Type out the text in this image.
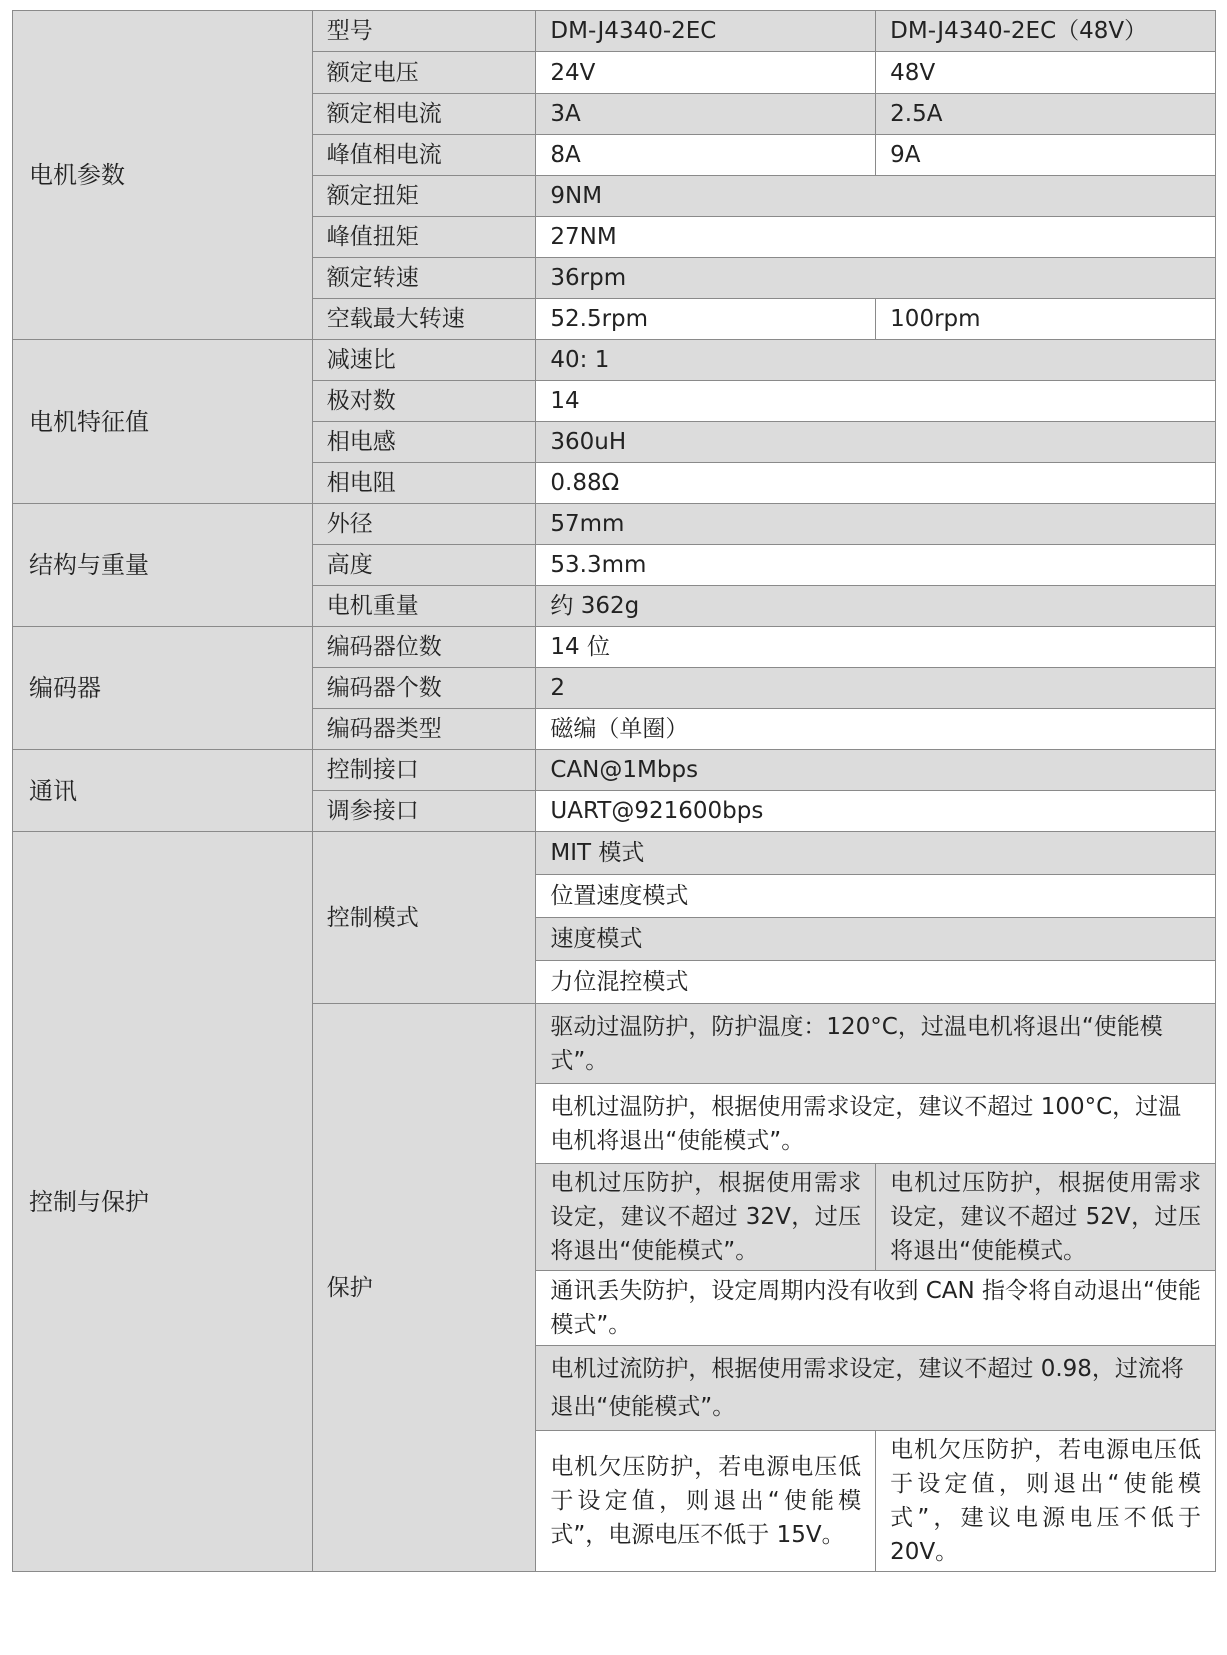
电机参数	型号	DM-J4340-2EC	DM-J4340-2EC（48V）
	额定电压	24V	48V
	额定相电流	3A	2.5A
	峰值相电流	8A	9A
	额定扭矩	9NM	
	峰值扭矩	27NM	
	额定转速	36rpm	
	空载最大转速	52.5rpm	100rpm
电机特征值	减速比	40: 1	
	极对数	14	
	相电感	360uH	
	相电阻	0.88Ω	
结构与重量	外径	57mm	
	高度	53.3mm	
	电机重量	约 362g	
编码器	编码器位数	14 位	
	编码器个数	2	
	编码器类型	磁编（单圈）	
通讯	控制接口	CAN@1Mbps	
	调参接口	UART@921600bps	
控制与保护	控制模式	MIT 模式	
		位置速度模式	
		速度模式	
		力位混控模式	
	保护	驱动过温防护，防护温度：120°C，过温电机将退出“使能模式”。	
		电机过温防护，根据使用需求设定，建议不超过 100°C，过温电机将退出“使能模式”。	
		电机过压防护，根据使用需求设定，建议不超过 32V，过压将退出“使能模式”。	电机过压防护，根据使用需求设定，建议不超过 52V，过压将退出“使能模式。
		通讯丢失防护，设定周期内没有收到 CAN 指令将自动退出“使能模式”。	
		电机过流防护，根据使用需求设定，建议不超过 0.98，过流将退出“使能模式”。	
		电机欠压防护，若电源电压低于设定值，则退出“使能模式”，电源电压不低于 15V。	电机欠压防护，若电源电压低于设定值，则退出“使能模式”，建议电源电压不低于 20V。
